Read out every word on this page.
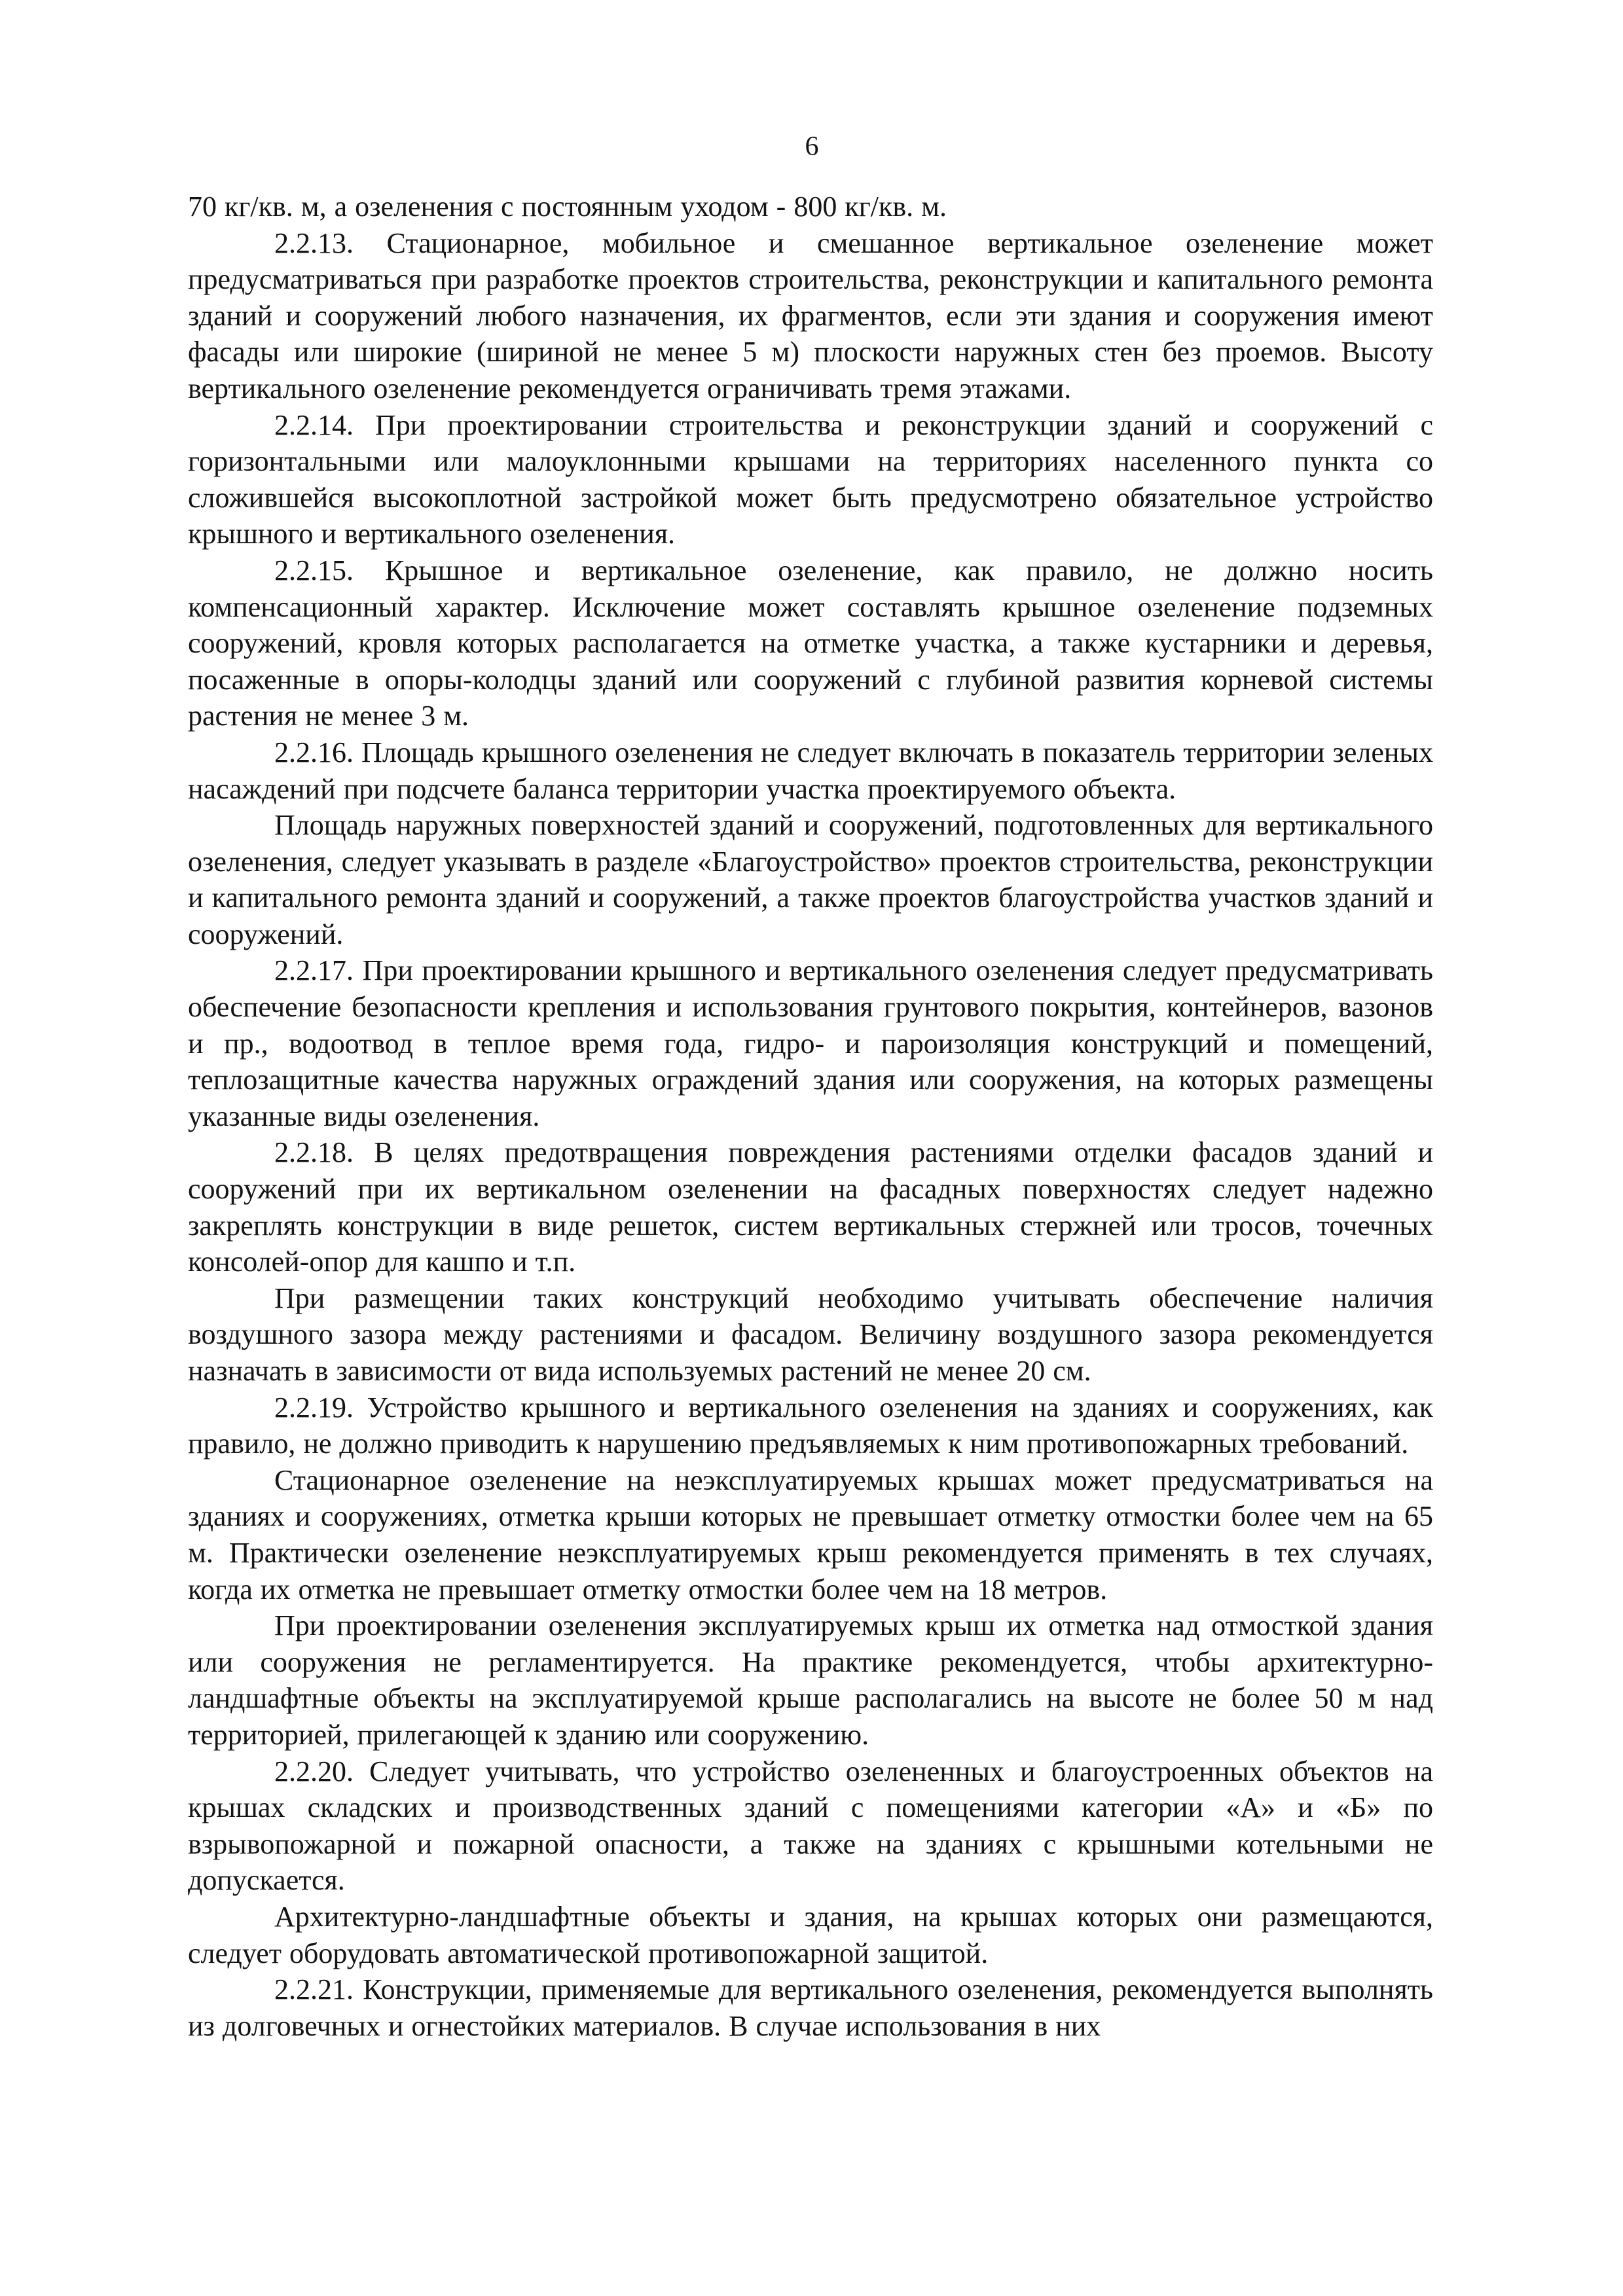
6

70 кг/кв. м, а озеленения с постоянным уходом - 800 кг/кв. м.

2.2.13. Стационарное, мобильное и смешанное вертикальное озеленение может предусматриваться при разработке проектов строительства, реконструкции и капитального ремонта зданий и сооружений любого назначения, их фрагментов, если эти здания и сооружения имеют фасады или широкие (шириной не менее 5 м) плоскости наружных стен без проемов. Высоту вертикального озеленение рекомендуется ограничивать тремя этажами.

2.2.14. При проектировании строительства и реконструкции зданий и сооружений с горизонтальными или малоуклонными крышами на территориях населенного пункта со сложившейся высокоплотной застройкой может быть предусмотрено обязательное устройство крышного и вертикального озеленения.

2.2.15. Крышное и вертикальное озеленение, как правило, не должно носить компенсационный характер. Исключение может составлять крышное озеленение подземных сооружений, кровля которых располагается на отметке участка, а также кустарники и деревья, посаженные в опоры-колодцы зданий или сооружений с глубиной развития корневой системы растения не менее 3 м.

2.2.16. Площадь крышного озеленения не следует включать в показатель территории зеленых насаждений при подсчете баланса территории участка проектируемого объекта.

Площадь наружных поверхностей зданий и сооружений, подготовленных для вертикального озеленения, следует указывать в разделе «Благоустройство» проектов строительства, реконструкции и капитального ремонта зданий и сооружений, а также проектов благоустройства участков зданий и сооружений.

2.2.17. При проектировании крышного и вертикального озеленения следует предусматривать обеспечение безопасности крепления и использования грунтового покрытия, контейнеров, вазонов и пр., водоотвод в теплое время года, гидро- и пароизоляция конструкций и помещений, теплозащитные качества наружных ограждений здания или сооружения, на которых размещены указанные виды озеленения.

2.2.18. В целях предотвращения повреждения растениями отделки фасадов зданий и сооружений при их вертикальном озеленении на фасадных поверхностях следует надежно закреплять конструкции в виде решеток, систем вертикальных стержней или тросов, точечных консолей-опор для кашпо и т.п.

При размещении таких конструкций необходимо учитывать обеспечение наличия воздушного зазора между растениями и фасадом. Величину воздушного зазора рекомендуется назначать в зависимости от вида используемых растений не менее 20 см.

2.2.19. Устройство крышного и вертикального озеленения на зданиях и сооружениях, как правило, не должно приводить к нарушению предъявляемых к ним противопожарных требований.

Стационарное озеленение на неэксплуатируемых крышах может предусматриваться на зданиях и сооружениях, отметка крыши которых не превышает отметку отмостки более чем на 65 м. Практически озеленение неэксплуатируемых крыш рекомендуется применять в тех случаях, когда их отметка не превышает отметку отмостки более чем на 18 метров.

При проектировании озеленения эксплуатируемых крыш их отметка над отмосткой здания или сооружения не регламентируется. На практике рекомендуется, чтобы архитектурно-ландшафтные объекты на эксплуатируемой крыше располагались на высоте не более 50 м над территорией, прилегающей к зданию или сооружению.

2.2.20. Следует учитывать, что устройство озелененных и благоустроенных объектов на крышах складских и производственных зданий с помещениями категории «А» и «Б» по взрывопожарной и пожарной опасности, а также на зданиях с крышными котельными не допускается.

Архитектурно-ландшафтные объекты и здания, на крышах которых они размещаются, следует оборудовать автоматической противопожарной защитой.

2.2.21. Конструкции, применяемые для вертикального озеленения, рекомендуется выполнять из долговечных и огнестойких материалов. В случае использования в них
